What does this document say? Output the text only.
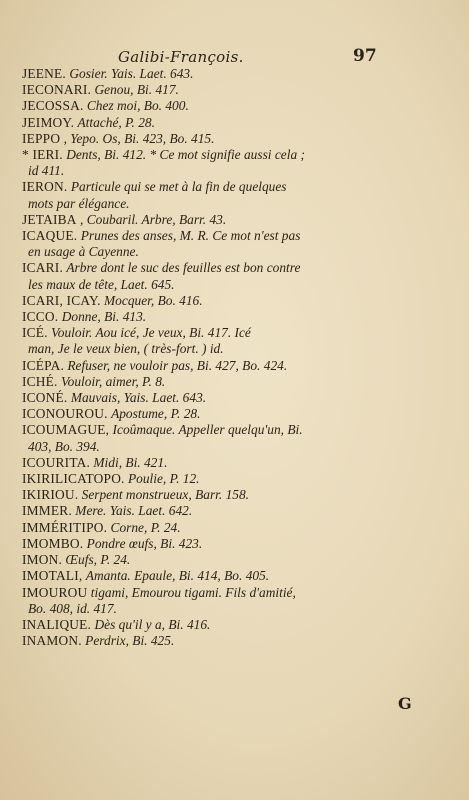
Galibi-François.	97
JEENE. Gosier. Yais. Laet. 643.
IECONARI. Genou, Bi. 417.
JECOSSA. Chez moi, Bo. 400.
JEIMOY. Attaché, P. 28.
IEPPO , Yepo. Os, Bi. 423, Bo. 415.
* IERI. Dents, Bi. 412. * Ce mot signifie aussi cela ;
id 411.
IERON. Particule qui se met à la fin de quelques
mots par élégance.
JETAIBA , Coubaril. Arbre, Barr. 43.
ICAQUE. Prunes des anses, M. R. Ce mot n'est pas
en usage à Cayenne.
ICARI. Arbre dont le suc des feuilles est bon contre
les maux de tête, Laet. 645.
ICARI, ICAY. Mocquer, Bo. 416.
ICCO. Donne, Bi. 413.
ICÉ. Vouloir. Aou icé, Je veux, Bi. 417. Icé
man, Je le veux bien, ( très-fort. ) id.
ICÉPA. Refuser, ne vouloir pas, Bi. 427, Bo. 424.
ICHÉ. Vouloir, aimer, P. 8.
ICONÉ. Mauvais, Yais. Laet. 643.
ICONOUROU. Apostume, P. 28.
ICOUMAGUE, Icoûmaque. Appeller quelqu'un, Bi.
403, Bo. 394.
ICOURITA. Midi, Bi. 421.
IKIRILICATOPO. Poulie, P. 12.
IKIRIOU. Serpent monstrueux, Barr. 158.
IMMER. Mere. Yais. Laet. 642.
IMMÉRITIPO. Corne, P. 24.
IMOMBO. Pondre œufs, Bi. 423.
IMON. Œufs, P. 24.
IMOTALI, Amanta. Epaule, Bi. 414, Bo. 405.
IMOUROU tigami, Emourou tigami. Fils d'amitié,
Bo. 408, id. 417.
INALIQUE. Dès qu'il y a, Bi. 416.
INAMON. Perdrix, Bi. 425.
G
